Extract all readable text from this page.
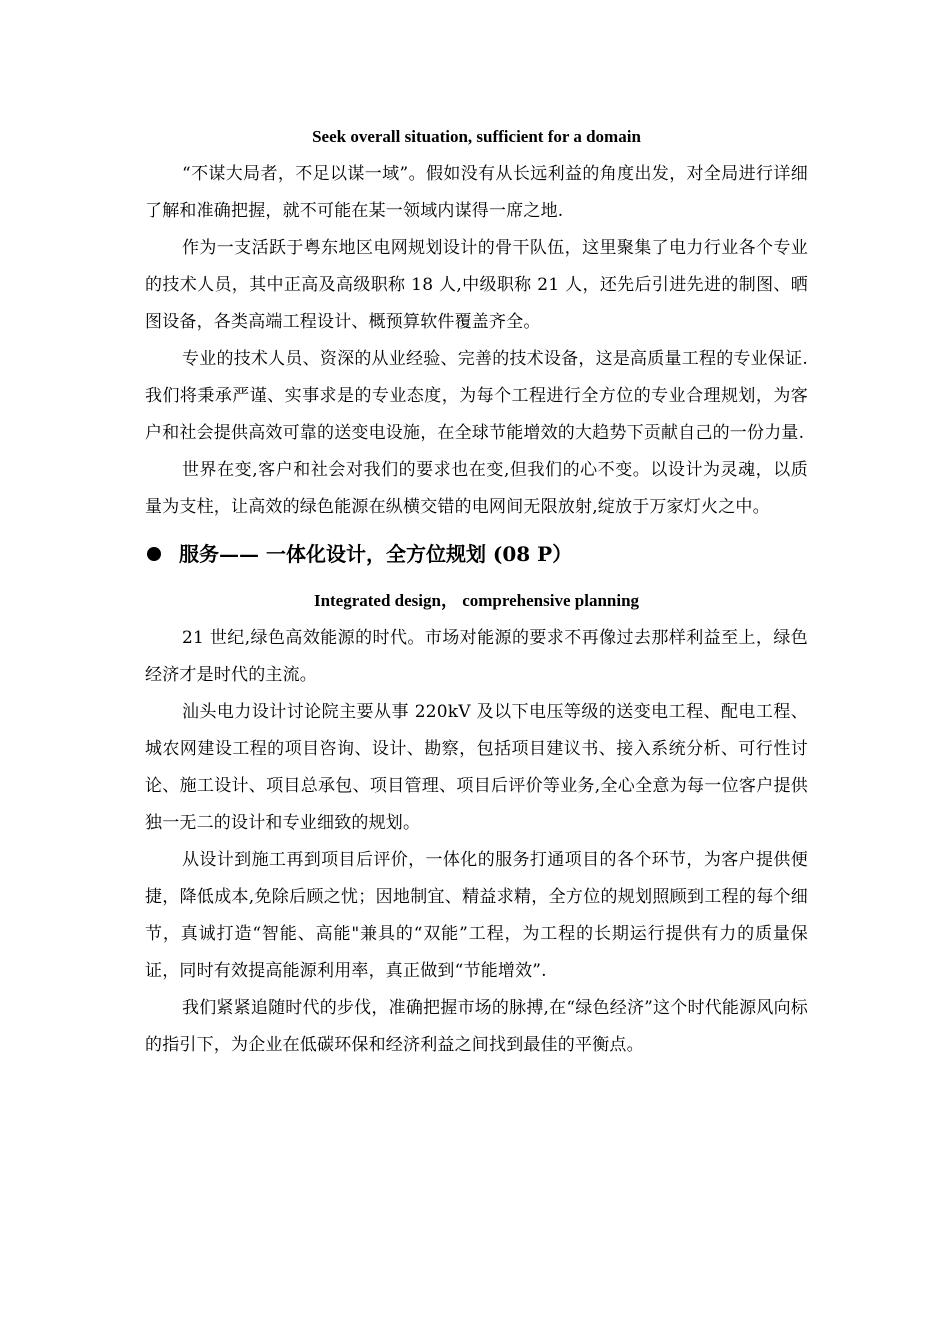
Seek overall situation, sufficient for a domain

“不谋大局者，不足以谋一域”。假如没有从长远利益的角度出发，对全局进行详细了解和准确把握，就不可能在某一领域内谋得一席之地.

作为一支活跃于粤东地区电网规划设计的骨干队伍，这里聚集了电力行业各个专业的技术人员，其中正高及高级职称 18 人,中级职称 21 人，还先后引进先进的制图、晒图设备，各类高端工程设计、概预算软件覆盖齐全。

专业的技术人员、资深的从业经验、完善的技术设备，这是高质量工程的专业保证. 我们将秉承严谨、实事求是的专业态度，为每个工程进行全方位的专业合理规划，为客户和社会提供高效可靠的送变电设施，在全球节能增效的大趋势下贡献自己的一份力量.

世界在变,客户和社会对我们的要求也在变,但我们的心不变。以设计为灵魂，以质量为支柱，让高效的绿色能源在纵横交错的电网间无限放射,绽放于万家灯火之中。

服务—— 一体化设计，全方位规划 (08 P）

Integrated design， comprehensive planning

21 世纪,绿色高效能源的时代。市场对能源的要求不再像过去那样利益至上，绿色经济才是时代的主流。

汕头电力设计讨论院主要从事 220kV 及以下电压等级的送变电工程、配电工程、城农网建设工程的项目咨询、设计、勘察，包括项目建议书、接入系统分析、可行性讨论、施工设计、项目总承包、项目管理、项目后评价等业务,全心全意为每一位客户提供独一无二的设计和专业细致的规划。

从设计到施工再到项目后评价，一体化的服务打通项目的各个环节，为客户提供便捷，降低成本,免除后顾之忧；因地制宜、精益求精，全方位的规划照顾到工程的每个细节，真诚打造“智能、高能"兼具的“双能”工程，为工程的长期运行提供有力的质量保证，同时有效提高能源利用率，真正做到“节能增效”.

我们紧紧追随时代的步伐，准确把握市场的脉搏,在“绿色经济”这个时代能源风向标的指引下，为企业在低碳环保和经济利益之间找到最佳的平衡点。
